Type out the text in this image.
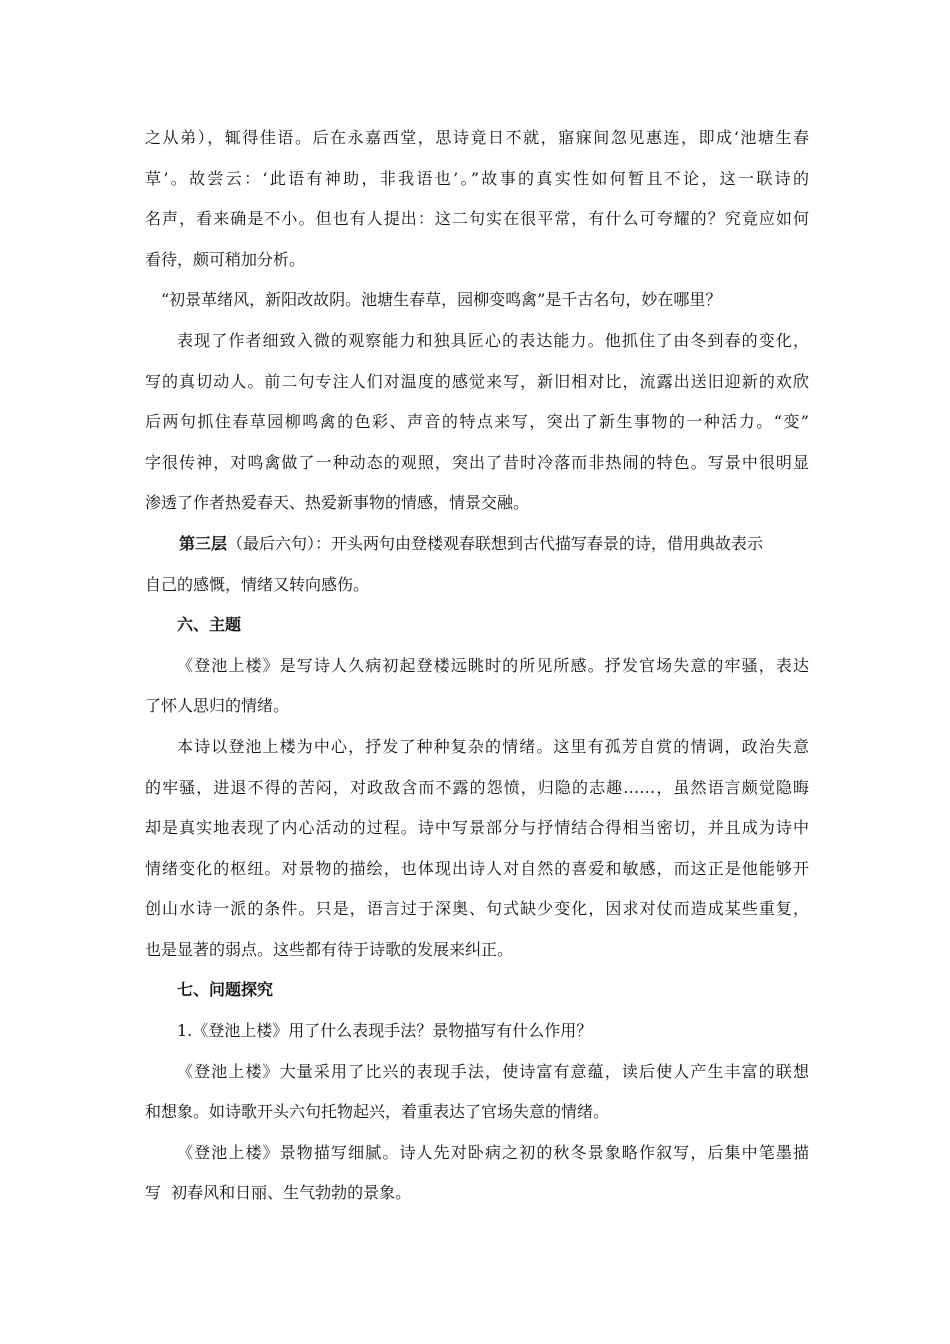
之从弟），辄得佳语。后在永嘉西堂，思诗竟日不就，寤寐间忽见惠连，即成‘池塘生春
草’。故尝云：‘此语有神助，非我语也’。”故事的真实性如何暂且不论，这一联诗的
名声，看来确是不小。但也有人提出：这二句实在很平常，有什么可夸耀的？究竟应如何
看待，颇可稍加分析。
“初景革绪风，新阳改故阴。池塘生春草，园柳变鸣禽”是千古名句，妙在哪里？
表现了作者细致入微的观察能力和独具匠心的表达能力。他抓住了由冬到春的变化，
写的真切动人。前二句专注人们对温度的感觉来写，新旧相对比，流露出送旧迎新的欢欣
后两句抓住春草园柳鸣禽的色彩、声音的特点来写，突出了新生事物的一种活力。“变”
字很传神，对鸣禽做了一种动态的观照，突出了昔时冷落而非热闹的特色。写景中很明显
渗透了作者热爱春天、热爱新事物的情感，情景交融。
第三层（最后六句）：开头两句由登楼观春联想到古代描写春景的诗，借用典故表示
自己的感慨，情绪又转向感伤。
六、主题
《登池上楼》是写诗人久病初起登楼远眺时的所见所感。抒发官场失意的牢骚，表达
了怀人思归的情绪。
本诗以登池上楼为中心，抒发了种种复杂的情绪。这里有孤芳自赏的情调，政治失意
的牢骚，进退不得的苦闷，对政敌含而不露的怨愤，归隐的志趣……，虽然语言颇觉隐晦
却是真实地表现了内心活动的过程。诗中写景部分与抒情结合得相当密切，并且成为诗中
情绪变化的枢纽。对景物的描绘，也体现出诗人对自然的喜爱和敏感，而这正是他能够开
创山水诗一派的条件。只是，语言过于深奥、句式缺少变化，因求对仗而造成某些重复，
也是显著的弱点。这些都有待于诗歌的发展来纠正。
七、问题探究
1.《登池上楼》用了什么表现手法？景物描写有什么作用？
《登池上楼》大量采用了比兴的表现手法，使诗富有意蕴，读后使人产生丰富的联想
和想象。如诗歌开头六句托物起兴，着重表达了官场失意的情绪。
《登池上楼》景物描写细腻。诗人先对卧病之初的秋冬景象略作叙写，后集中笔墨描
写  初春风和日丽、生气勃勃的景象。
